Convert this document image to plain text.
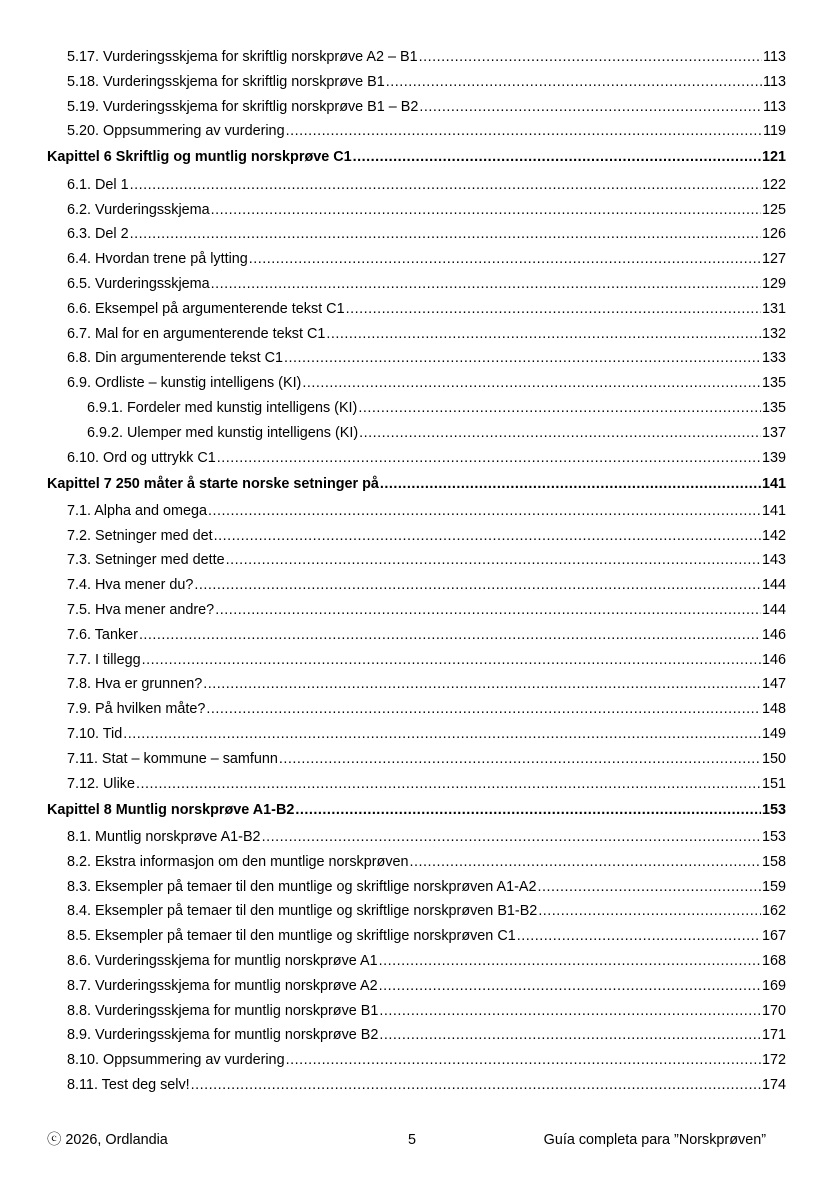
5.17. Vurderingsskjema for skriftlig norskprøve A2 – B1 .....	113
5.18. Vurderingsskjema for skriftlig norskprøve B1 .....	113
5.19. Vurderingsskjema for skriftlig norskprøve B1 – B2 .....	113
5.20. Oppsummering av vurdering .....	119
Kapittel 6 Skriftlig og muntlig norskprøve C1 .....	121
6.1. Del 1 .....	122
6.2. Vurderingsskjema .....	125
6.3. Del 2 .....	126
6.4. Hvordan trene på lytting .....	127
6.5. Vurderingsskjema .....	129
6.6. Eksempel på argumenterende tekst C1 .....	131
6.7. Mal for en argumenterende tekst C1 .....	132
6.8. Din argumenterende tekst C1 .....	133
6.9. Ordliste – kunstig intelligens (KI) .....	135
6.9.1. Fordeler med kunstig intelligens (KI) .....	135
6.9.2. Ulemper med kunstig intelligens (KI) .....	137
6.10. Ord og uttrykk C1 .....	139
Kapittel 7 250 måter å starte norske setninger på .....	141
7.1. Alpha and omega .....	141
7.2. Setninger med det .....	142
7.3. Setninger med dette .....	143
7.4. Hva mener du? .....	144
7.5. Hva mener andre? .....	144
7.6. Tanker .....	146
7.7. I tillegg .....	146
7.8. Hva er grunnen? .....	147
7.9. På hvilken måte? .....	148
7.10. Tid .....	149
7.11. Stat – kommune – samfunn .....	150
7.12. Ulike .....	151
Kapittel 8 Muntlig norskprøve A1-B2 .....	153
8.1. Muntlig norskprøve A1-B2 .....	153
8.2. Ekstra informasjon om den muntlige norskprøven .....	158
8.3. Eksempler på temaer til den muntlige og skriftlige norskprøven A1-A2 .....	159
8.4. Eksempler på temaer til den muntlige og skriftlige norskprøven B1-B2 .....	162
8.5. Eksempler på temaer til den muntlige og skriftlige norskprøven C1 .....	167
8.6. Vurderingsskjema for muntlig norskprøve A1 .....	168
8.7. Vurderingsskjema for muntlig norskprøve A2 .....	169
8.8. Vurderingsskjema for muntlig norskprøve B1 .....	170
8.9. Vurderingsskjema for muntlig norskprøve B2 .....	171
8.10. Oppsummering av vurdering .....	172
8.11. Test deg selv! .....	174
ⓒ 2026, Ordlandia	5	Guía completa para ”Norskprøven”
